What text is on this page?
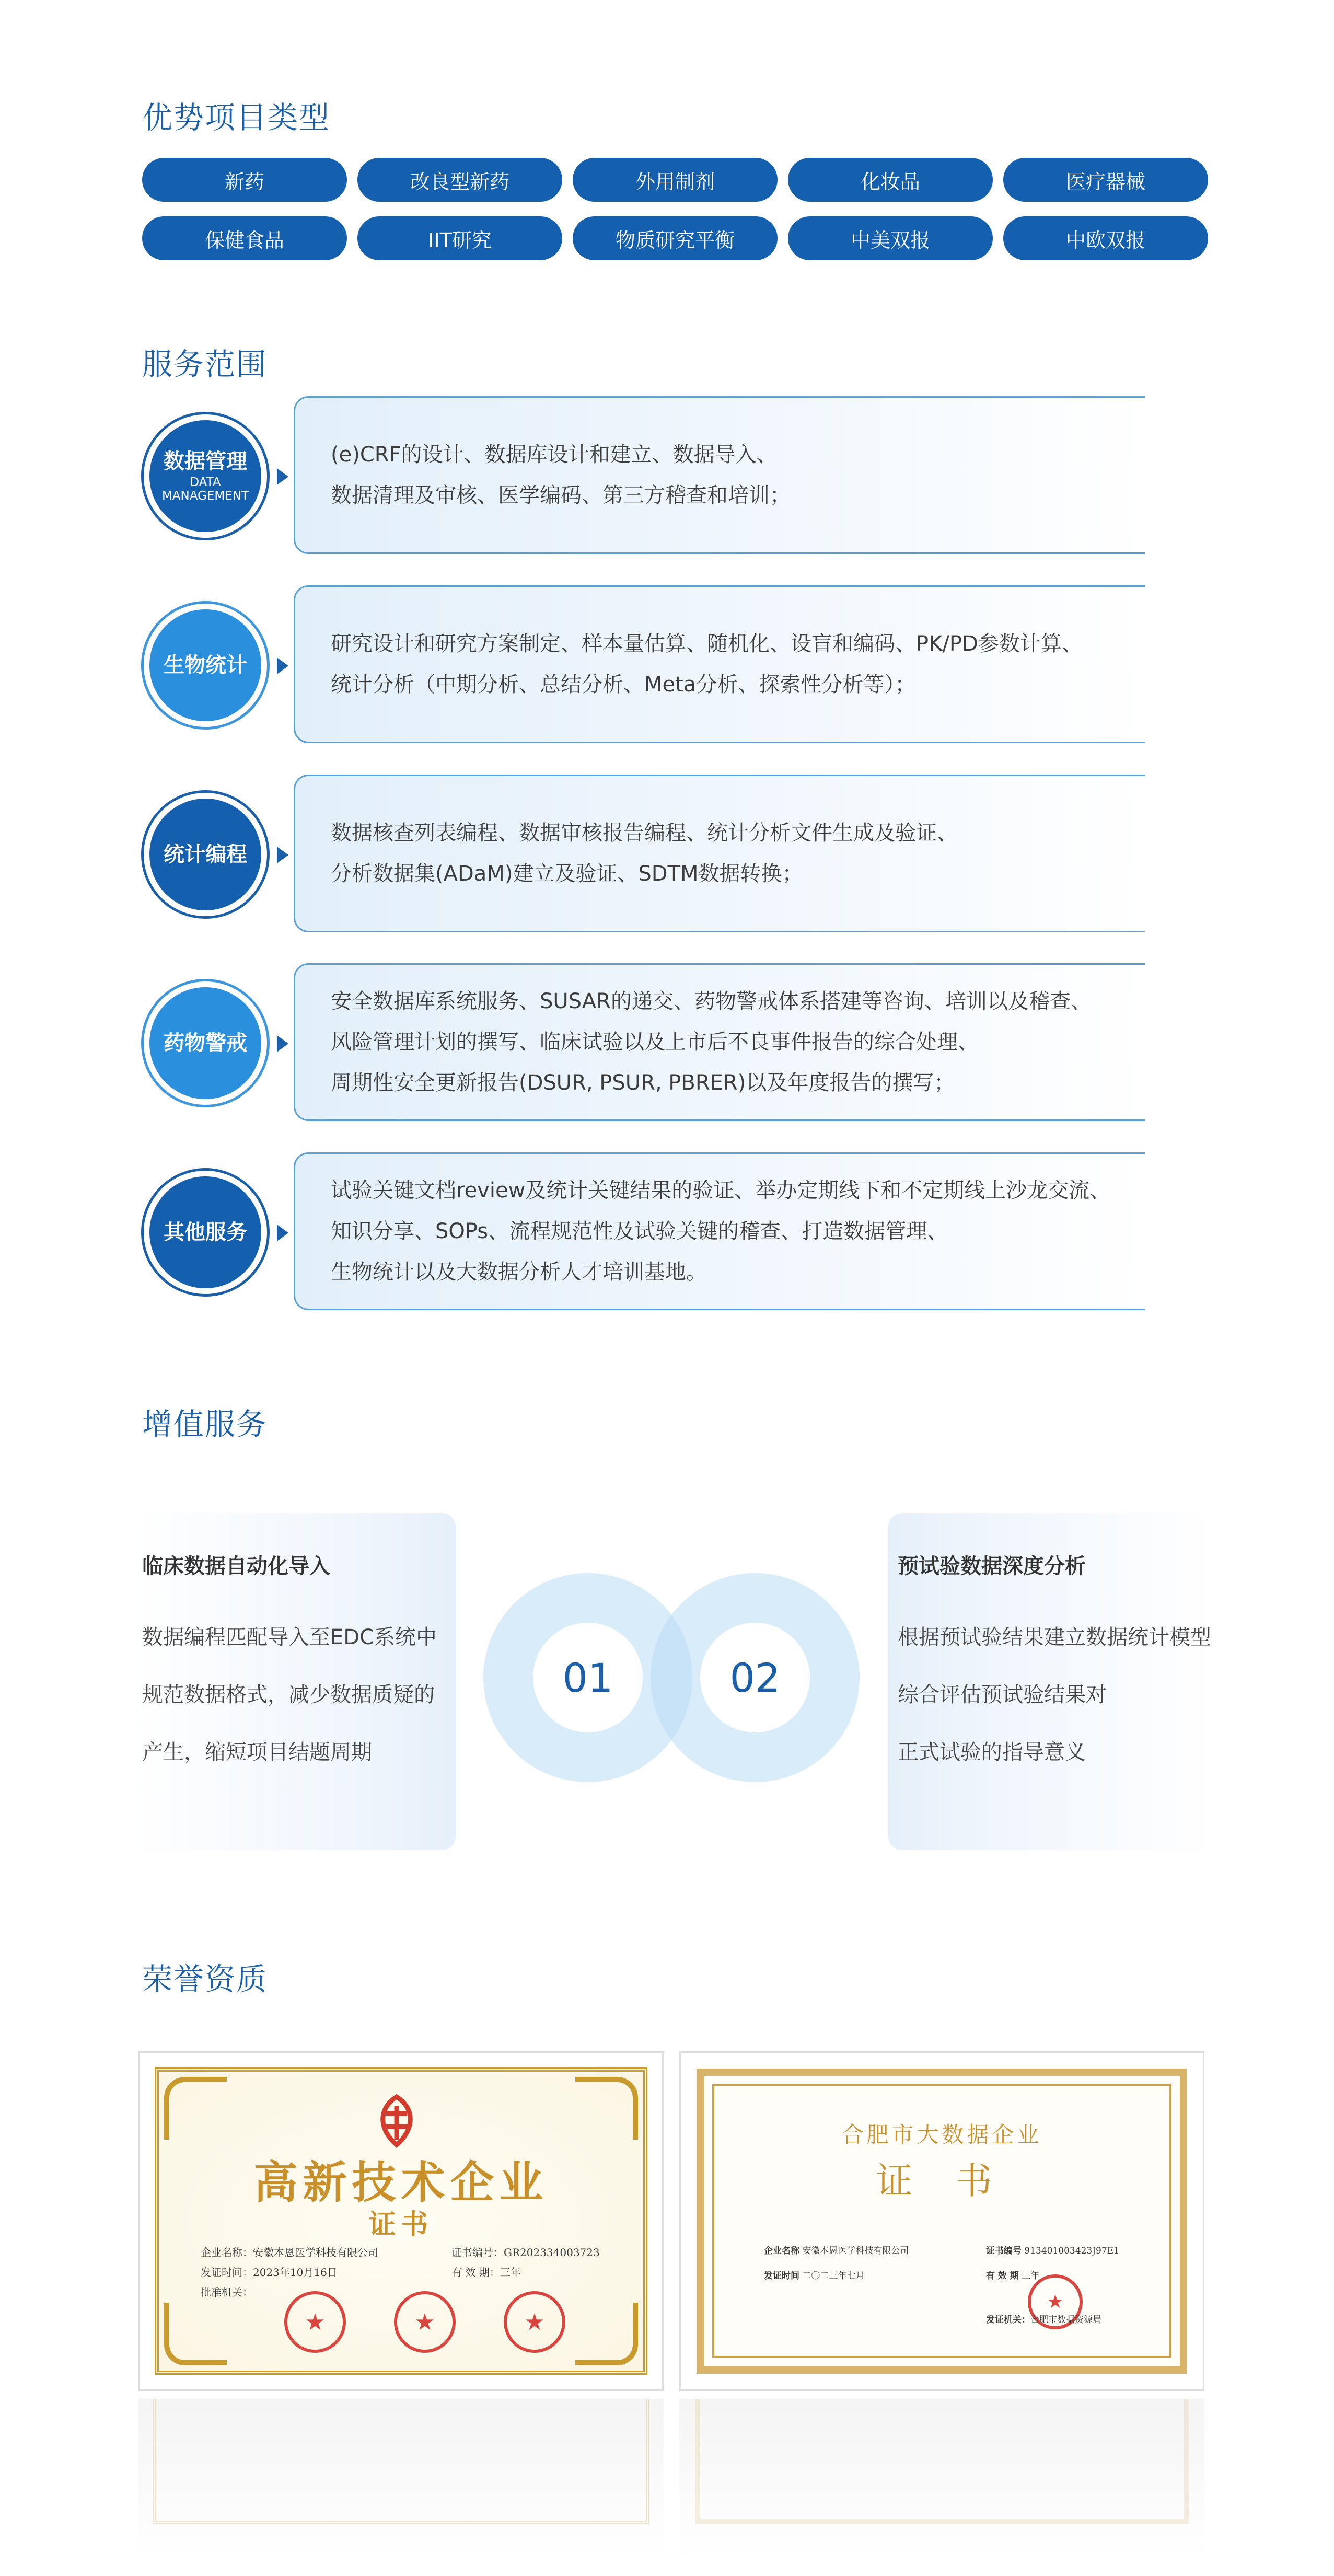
优势项目类型
新药	改良型新药	外用制剂	化妆品	医疗器械
保健食品	IIT研究	物质研究平衡	中美双报	中欧双报
服务范围
数据管理
DATA MANAGEMENT

(e)CRF的设计、数据库设计和建立、数据导入、

数据清理及审核、医学编码、第三方稽查和培训；

生物统计

研究设计和研究方案制定、样本量估算、随机化、设盲和编码、PK/PD参数计算、

统计分析（中期分析、总结分析、Meta分析、探索性分析等）；

统计编程

数据核查列表编程、数据审核报告编程、统计分析文件生成及验证、

分析数据集(ADaM)建立及验证、SDTM数据转换；

药物警戒

安全数据库系统服务、SUSAR的递交、药物警戒体系搭建等咨询、培训以及稽查、

风险管理计划的撰写、临床试验以及上市后不良事件报告的综合处理、

周期性安全更新报告(DSUR, PSUR, PBRER)以及年度报告的撰写；

其他服务

试验关键文档review及统计关键结果的验证、举办定期线下和不定期线上沙龙交流、

知识分享、SOPs、流程规范性及试验关键的稽查、打造数据管理、

生物统计以及大数据分析人才培训基地。

增值服务
临床数据自动化导入
数据编程匹配导入至EDC系统中
规范数据格式，减少数据质疑的
产生，缩短项目结题周期
预试验数据深度分析
根据预试验结果建立数据统计模型
综合评估预试验结果对
正式试验的指导意义
01	02
荣誉资质
高新技术企业
证书
企业名称：安徽本恩医学科技有限公司
发证时间：2023年10月16日
批准机关：
证书编号：GR202334003723
有 效 期：三年
★	★	★
合肥市大数据企业
证 书
企业名称 安徽本恩医学科技有限公司
发证时间 二〇二三年七月
证书编号 913401003423J97E1
有 效 期 三年
★
发证机关：合肥市数据资源局
